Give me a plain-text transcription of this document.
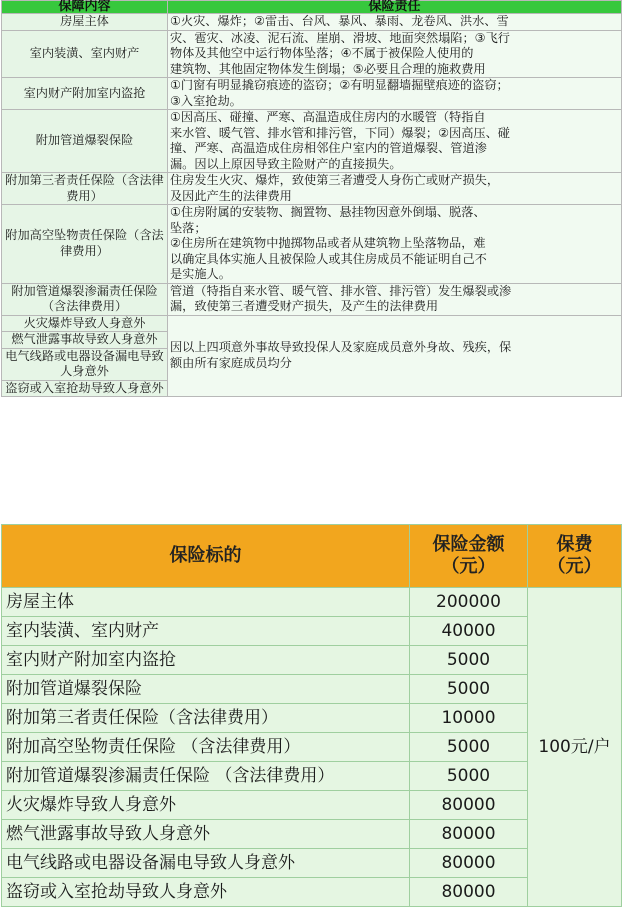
保障内容	保险责任
房屋主体	①火灾、爆炸；②雷击、台风、暴风、暴雨、龙卷风、洪水、雪

室内装潢、室内财产	灾、雹灾、冰凌、泥石流、崖崩、滑坡、地面突然塌陷；③飞行
物体及其他空中运行物体坠落；④不属于被保险人使用的
建筑物、其他固定物体发生倒塌；⑤必要且合理的施救费用

室内财产附加室内盗抢	①门窗有明显撬窃痕迹的盗窃；②有明显翻墙掘壁痕迹的盗窃；
③入室抢劫。

附加管道爆裂保险	①因高压、碰撞、严寒、高温造成住房内的水暖管（特指自
来水管、暖气管、排水管和排污管，下同）爆裂；②因高压、碰
撞、严寒、高温造成住房相邻住户室内的管道爆裂、管道渗
漏。因以上原因导致主险财产的直接损失。

附加第三者责任保险（含法律费用）	住房发生火灾、爆炸，致使第三者遭受人身伤亡或财产损失，
及因此产生的法律费用

附加高空坠物责任保险（含法律费用）	①住房附属的安装物、搁置物、悬挂物因意外倒塌、脱落、
坠落；
②住房所在建筑物中抛掷物品或者从建筑物上坠落物品，难
以确定具体实施人且被保险人或其住房成员不能证明自己不
是实施人。

附加管道爆裂渗漏责任保险 （含法律费用）	管道（特指自来水管、暖气管、排水管、排污管）发生爆裂或渗
漏，致使第三者遭受财产损失，及产生的法律费用

火灾爆炸导致人身意外	因以上四项意外事故导致投保人及家庭成员意外身故、残疾，保
额由所有家庭成员均分

燃气泄露事故导致人身意外	
电气线路或电器设备漏电导致人身意外	
盗窃或入室抢劫导致人身意外	
保险标的	保险金额
（元）	保费
（元）
房屋主体	200000	100元/户
室内装潢、室内财产	40000	
室内财产附加室内盗抢	5000	
附加管道爆裂保险	5000	
附加第三者责任保险（含法律费用）	10000	
附加高空坠物责任保险 （含法律费用）	5000	
附加管道爆裂渗漏责任保险 （含法律费用）	5000	
火灾爆炸导致人身意外	80000	
燃气泄露事故导致人身意外	80000	
电气线路或电器设备漏电导致人身意外	80000	
盗窃或入室抢劫导致人身意外	80000	
